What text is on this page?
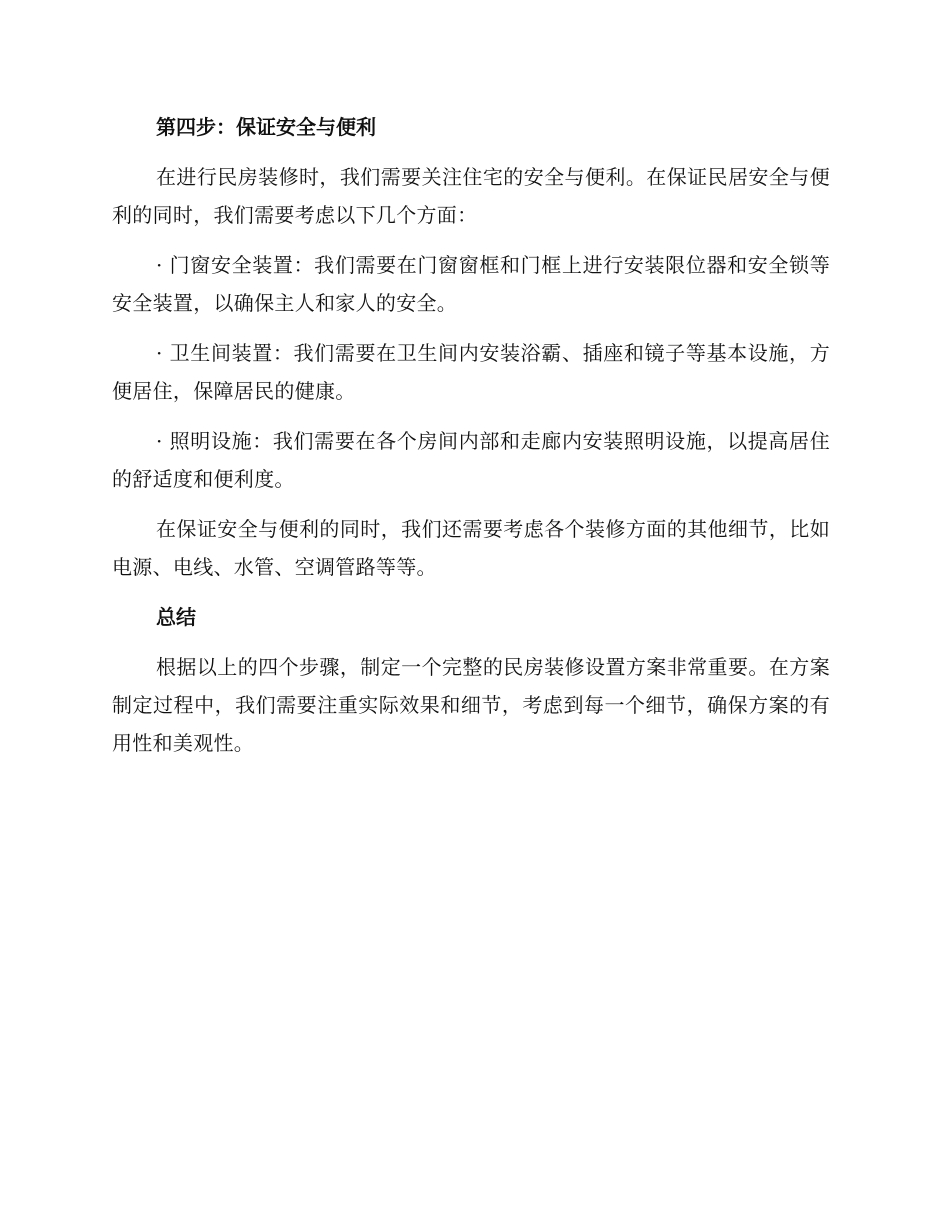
第四步：保证安全与便利

在进行民房装修时，我们需要关注住宅的安全与便利。在保证民居安全与便利的同时，我们需要考虑以下几个方面：

· 门窗安全装置：我们需要在门窗窗框和门框上进行安装限位器和安全锁等安全装置，以确保主人和家人的安全。

· 卫生间装置：我们需要在卫生间内安装浴霸、插座和镜子等基本设施，方便居住，保障居民的健康。

· 照明设施：我们需要在各个房间内部和走廊内安装照明设施，以提高居住的舒适度和便利度。

在保证安全与便利的同时，我们还需要考虑各个装修方面的其他细节，比如电源、电线、水管、空调管路等等。

总结

根据以上的四个步骤，制定一个完整的民房装修设置方案非常重要。在方案制定过程中，我们需要注重实际效果和细节，考虑到每一个细节，确保方案的有用性和美观性。
